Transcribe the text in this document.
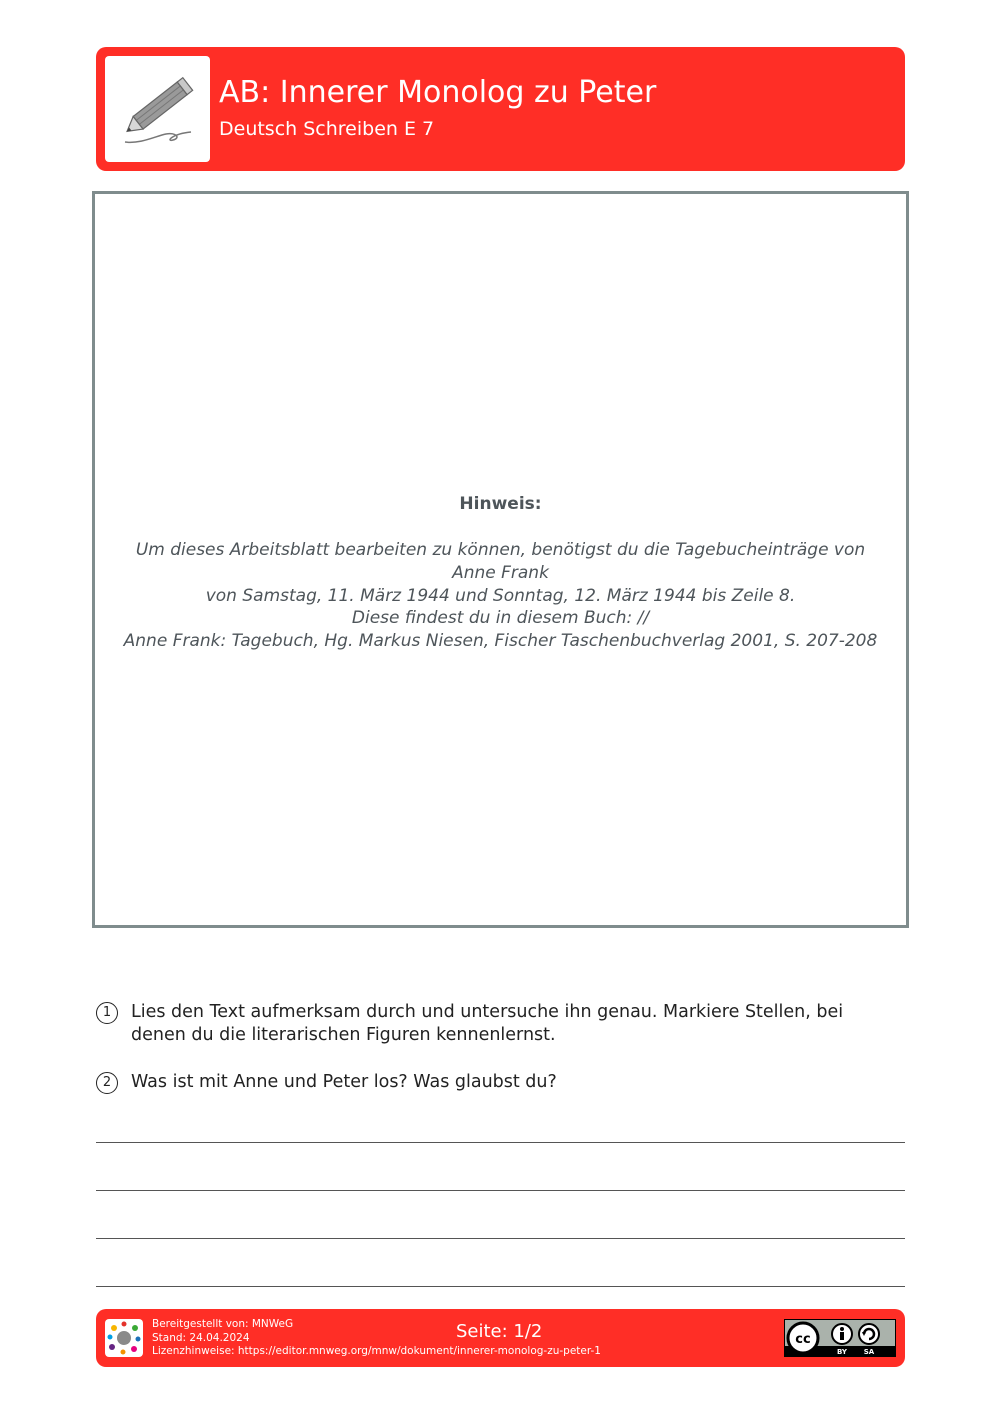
AB: Innerer Monolog zu Peter
Deutsch Schreiben E 7
Hinweis:
Um dieses Arbeitsblatt bearbeiten zu können, benötigst du die Tagebucheinträge von Anne Frank
von Samstag, 11. März 1944 und Sonntag, 12. März 1944 bis Zeile 8.
Diese findest du in diesem Buch: //
Anne Frank: Tagebuch, Hg. Markus Niesen, Fischer Taschenbuchverlag 2001, S. 207-208
1	Lies den Text aufmerksam durch und untersuche ihn genau. Markiere Stellen, bei denen du die literarischen Figuren kennenlernst.
2	Was ist mit Anne und Peter los? Was glaubst du?
Bereitgestellt von: MNWeG
Stand: 24.04.2024
Lizenzhinweise: https://editor.mnweg.org/mnw/dokument/innerer-monolog-zu-peter-1
Seite: 1/2	cc
BY SA
